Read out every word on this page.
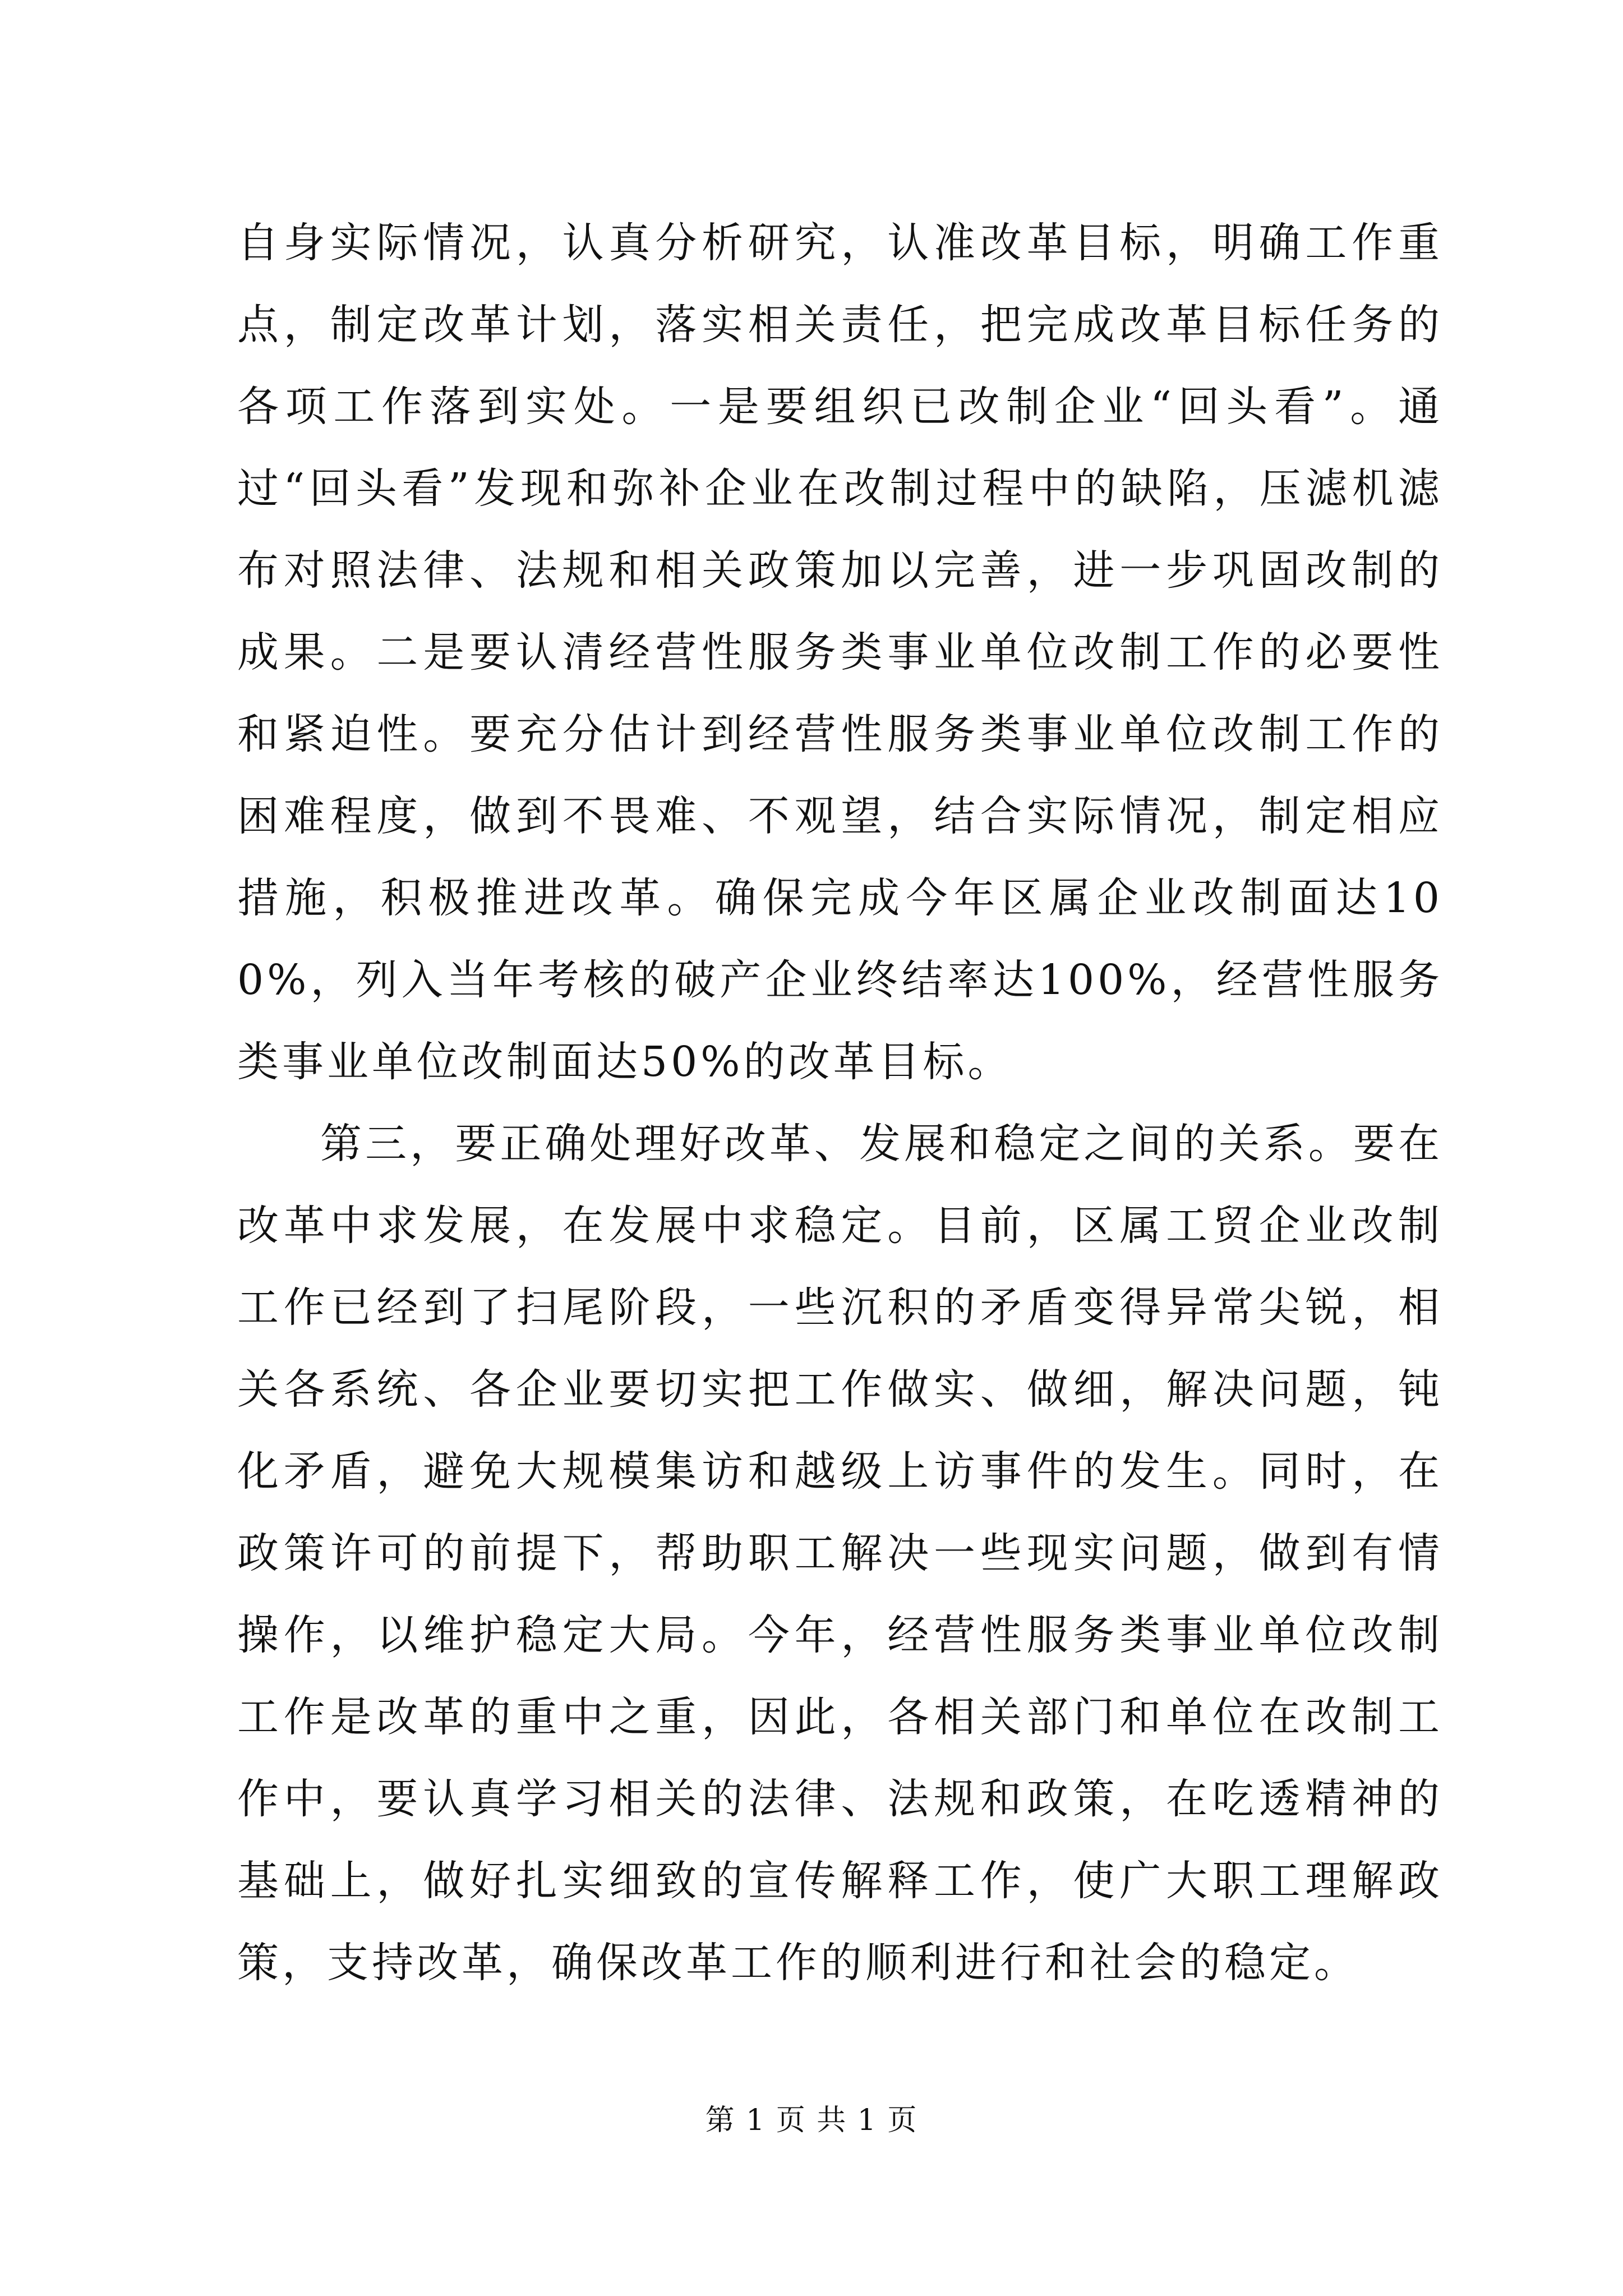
自身实际情况，认真分析研究，认准改革目标，明确工作重点，制定改革计划，落实相关责任，把完成改革目标任务的各项工作落到实处。一是要组织已改制企业“回头看”。通过“回头看”发现和弥补企业在改制过程中的缺陷，压滤机滤布对照法律、法规和相关政策加以完善，进一步巩固改制的成果。二是要认清经营性服务类事业单位改制工作的必要性和紧迫性。要充分估计到经营性服务类事业单位改制工作的困难程度，做到不畏难、不观望，结合实际情况，制定相应措施，积极推进改革。确保完成今年区属企业改制面达100%，列入当年考核的破产企业终结率达100%，经营性服务类事业单位改制面达50%的改革目标。

第三，要正确处理好改革、发展和稳定之间的关系。要在改革中求发展，在发展中求稳定。目前，区属工贸企业改制工作已经到了扫尾阶段，一些沉积的矛盾变得异常尖锐，相关各系统、各企业要切实把工作做实、做细，解决问题，钝化矛盾，避免大规模集访和越级上访事件的发生。同时，在政策许可的前提下，帮助职工解决一些现实问题，做到有情操作，以维护稳定大局。今年，经营性服务类事业单位改制工作是改革的重中之重，因此，各相关部门和单位在改制工作中，要认真学习相关的法律、法规和政策，在吃透精神的基础上，做好扎实细致的宣传解释工作，使广大职工理解政策，支持改革，确保改革工作的顺利进行和社会的稳定。

第 1 页 共 1 页
